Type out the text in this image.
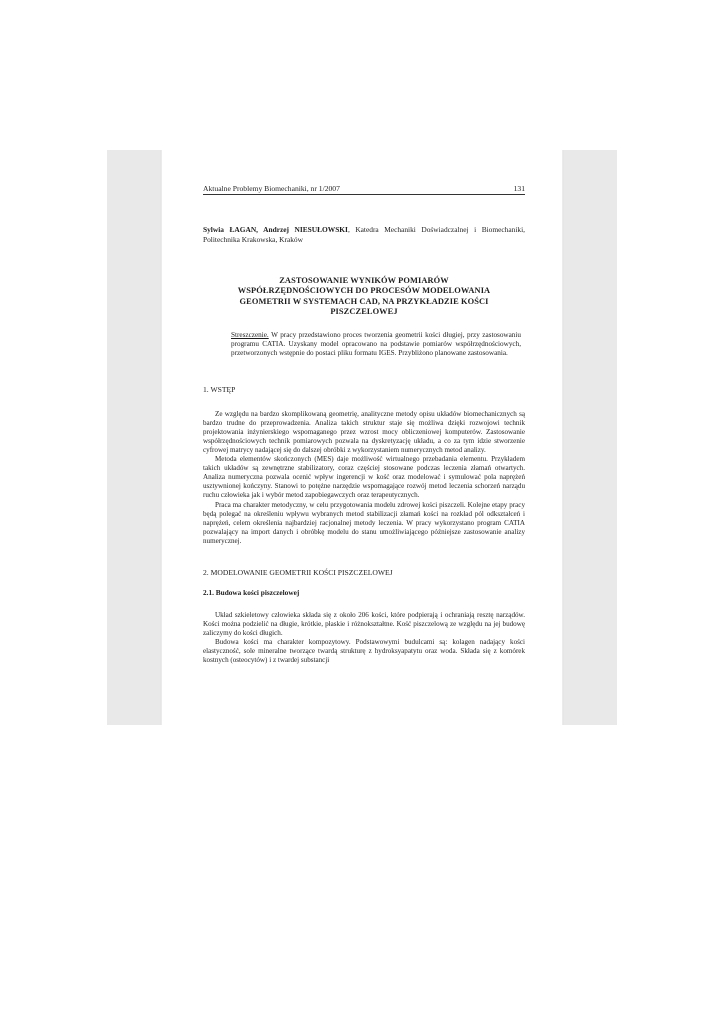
Aktualne Problemy Biomechaniki, nr 1/2007	131
Sylwia ŁAGAN, Andrzej NIESUŁOWSKI, Katedra Mechaniki Doświadczalnej i Biomechaniki, Politechnika Krakowska, Kraków
ZASTOSOWANIE WYNIKÓW POMIARÓW
WSPÓŁRZĘDNOŚCIOWYCH DO PROCESÓW MODELOWANIA
GEOMETRII W SYSTEMACH CAD, NA PRZYKŁADZIE KOŚCI
PISZCZELOWEJ
Streszczenie. W pracy przedstawiono proces tworzenia geometrii kości długiej, przy zastosowaniu programu CATIA. Uzyskany model opracowano na podstawie pomiarów współrzędnościowych, przetworzonych wstępnie do postaci pliku formatu IGES. Przybliżono planowane zastosowania.
1. WSTĘP

Ze względu na bardzo skomplikowaną geometrię, analityczne metody opisu układów biomechanicznych są bardzo trudne do przeprowadzenia. Analiza takich struktur staje się możliwa dzięki rozwojowi technik projektowania inżynierskiego wspomaganego przez wzrost mocy obliczeniowej komputerów. Zastosowanie współrzędnościowych technik pomiarowych pozwala na dyskretyzację układu, a co za tym idzie stworzenie cyfrowej matrycy nadającej się do dalszej obróbki z wykorzystaniem numerycznych metod analizy.

Metoda elementów skończonych (MES) daje możliwość wirtualnego przebadania elementu. Przykładem takich układów są zewnętrzne stabilizatory, coraz częściej stosowane podczas leczenia złamań otwartych. Analiza numeryczna pozwala ocenić wpływ ingerencji w kość oraz modelować i symulować pola naprężeń usztywnionej kończyny. Stanowi to potężne narzędzie wspomagające rozwój metod leczenia schorzeń narządu ruchu człowieka jak i wybór metod zapobiegawczych oraz terapeutycznych.

Praca ma charakter metodyczny, w celu przygotowania modelu zdrowej kości piszczeli. Kolejne etapy pracy będą polegać na określeniu wpływu wybranych metod stabilizacji złamań kości na rozkład pól odkształceń i naprężeń, celem określenia najbardziej racjonalnej metody leczenia. W pracy wykorzystano program CATIA pozwalający na import danych i obróbkę modelu do stanu umożliwiającego późniejsze zastosowanie analizy numerycznej.

2. MODELOWANIE GEOMETRII KOŚCI PISZCZELOWEJ
2.1. Budowa kości piszczelowej

Układ szkieletowy człowieka składa się z około 206 kości, które podpierają i ochraniają resztę narządów. Kości można podzielić na długie, krótkie, płaskie i różnokształtne. Kość piszczelową ze względu na jej budowę zaliczymy do kości długich.

Budowa kości ma charakter kompozytowy. Podstawowymi budulcami są: kolagen nadający kości elastyczność, sole mineralne tworzące twardą strukturę z hydroksyapatytu oraz woda. Składa się z komórek kostnych (osteocytów) i z twardej substancji
